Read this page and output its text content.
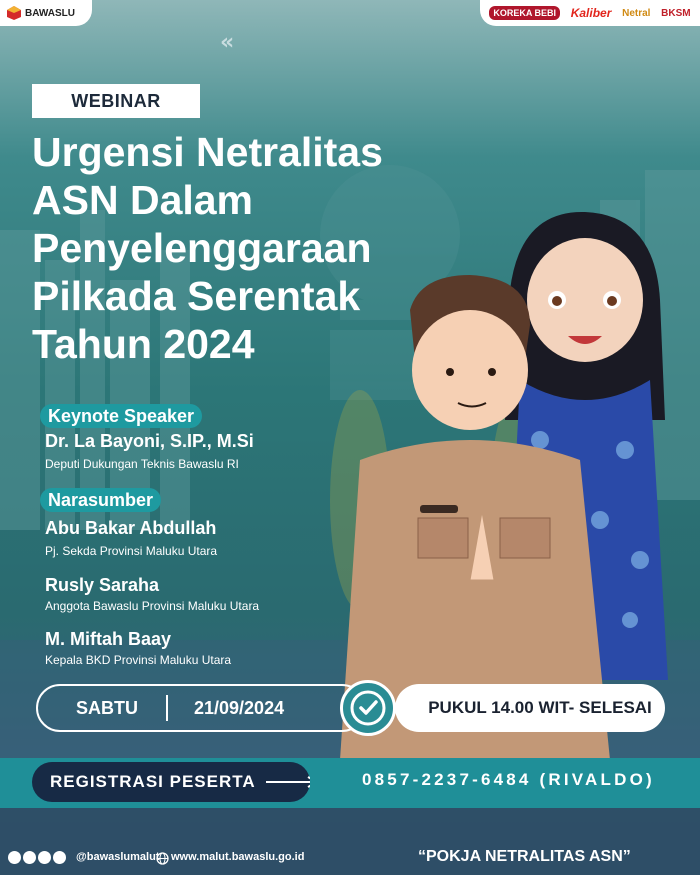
BAWASLU	KOREKA BEBI	Kaliber Netral BKSM
«
WEBINAR
Urgensi Netralitas
ASN Dalam
Penyelenggaraan
Pilkada Serentak
Tahun 2024
Keynote Speaker
Dr. La Bayoni, S.IP., M.Si
Deputi Dukungan Teknis Bawaslu RI
Narasumber
Abu Bakar Abdullah
Pj. Sekda Provinsi Maluku Utara
Rusly Saraha
Anggota Bawaslu Provinsi Maluku Utara
M. Miftah Baay
Kepala BKD Provinsi Maluku Utara
SABTU	21/09/2024	PUKUL 14.00 WIT- SELESAI
REGISTRASI PESERTA	0857-2237-6484 (RIVALDO)
@bawaslumalut www.malut.bawaslu.go.id	“POKJA NETRALITAS ASN”
